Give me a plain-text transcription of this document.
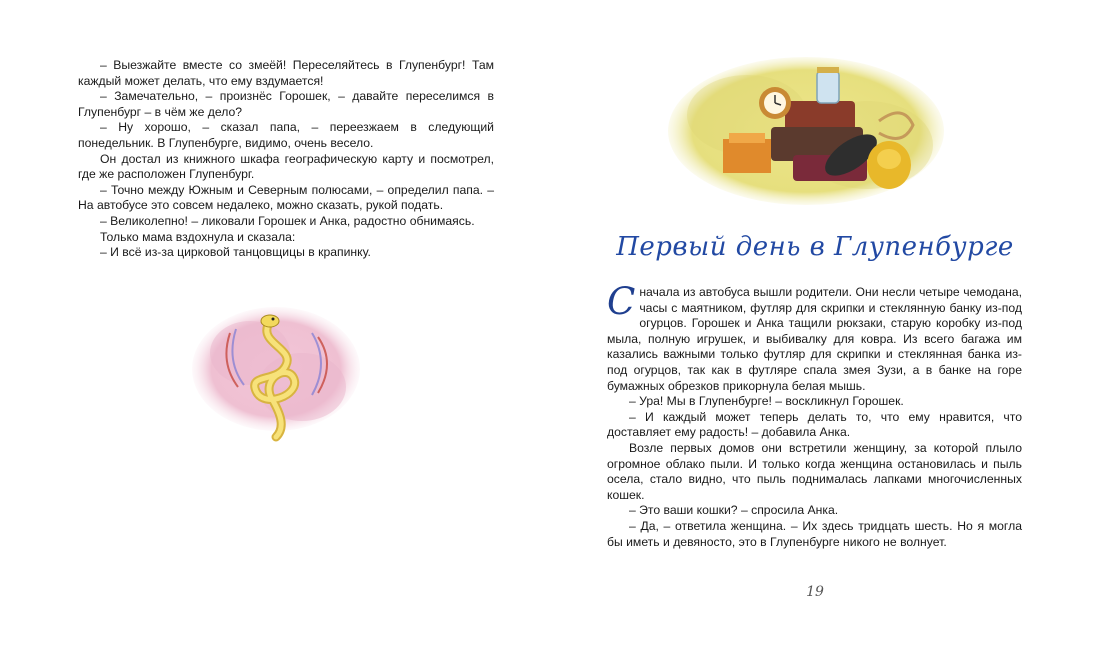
– Выезжайте вместе со змеёй! Переселяйтесь в Глупенбург! Там каждый может делать, что ему вздумается!

– Замечательно, – произнёс Горошек, – давайте переселимся в Глупенбург – в чём же дело?

– Ну хорошо, – сказал папа, – переезжаем в следующий понедельник. В Глупенбурге, видимо, очень весело.

Он достал из книжного шкафа географическую карту и посмотрел, где же расположен Глупенбург.

– Точно между Южным и Северным полюсами, – определил папа. – На автобусе это совсем недалеко, можно сказать, рукой подать.

– Великолепно! – ликовали Горошек и Анка, радостно обнимаясь.

Только мама вздохнула и сказала:

– И всё из-за цирковой танцовщицы в крапинку.	Первый день в Глупенбурге

Сначала из автобуса вышли родители. Они несли четыре чемодана, часы с маятником, футляр для скрипки и стеклянную банку из-под огурцов. Горошек и Анка тащили рюкзаки, старую коробку из-под мыла, полную игрушек, и выбивалку для ковра. Из всего багажа им казались важными только футляр для скрипки и стеклянная банка из-под огурцов, так как в футляре спала змея Зузи, а в банке на горе бумажных обрезков прикорнула белая мышь.

– Ура! Мы в Глупенбурге! – воскликнул Горошек.

– И каждый может теперь делать то, что ему нравится, что доставляет ему радость! – добавила Анка.

Возле первых домов они встретили женщину, за которой плыло огромное облако пыли. И только когда женщина остановилась и пыль осела, стало видно, что пыль поднималась лапками многочисленных кошек.

– Это ваши кошки? – спросила Анка.

– Да, – ответила женщина. – Их здесь тридцать шесть. Но я могла бы иметь и девяносто, это в Глупенбурге никого не волнует.

19
